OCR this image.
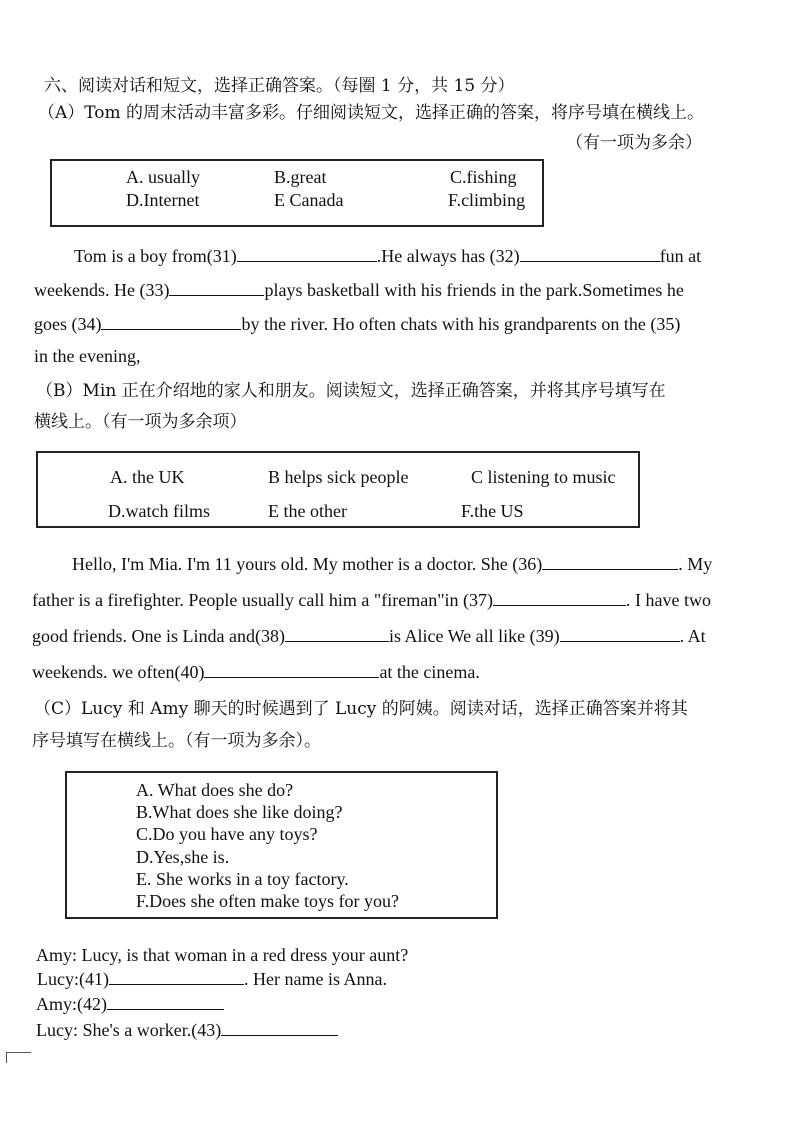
六、阅读对话和短文，选择正确答案。（每圈 1 分，共 15 分）
（A）Tom 的周末活动丰富多彩。仔细阅读短文，选择正确的答案，将序号填在横线上。
（有一项为多余）
A. usually	B.great	C.fishing
D.Internet	E Canada	F.climbing
Tom is a boy from(31)	.He always has (32)	fun at
weekends. He (33)	plays basketball with his friends in the park.Sometimes he
goes (34)	by the river. Ho often chats with his grandparents on the (35)
in the evening,
（B）Min 正在介绍地的家人和朋友。阅读短文，选择正确答案，并将其序号填写在
横线上。（有一项为多余项）
A. the UK	B helps sick people	C listening to music
D.watch films	E the other	F.the US
Hello, I'm Mia. I'm 11 yours old. My mother is a doctor. She (36)	. My
father is a firefighter. People usually call him a "fireman"in (37)	. I have two
good friends. One is Linda and(38)	is Alice We all like (39)	. At
weekends. we often(40)	at the cinema.
（C）Lucy 和 Amy 聊天的时候遇到了 Lucy 的阿姨。阅读对话，选择正确答案并将其
序号填写在横线上。（有一项为多余）。
A. What does she do?
B.What does she like doing?
C.Do you have any toys?
D.Yes,she is.
E. She works in a toy factory.
F.Does she often make toys for you?
Amy: Lucy, is that woman in a red dress your aunt?
Lucy:(41)	. Her name is Anna.
Amy:(42)
Lucy: She's a worker.(43)
